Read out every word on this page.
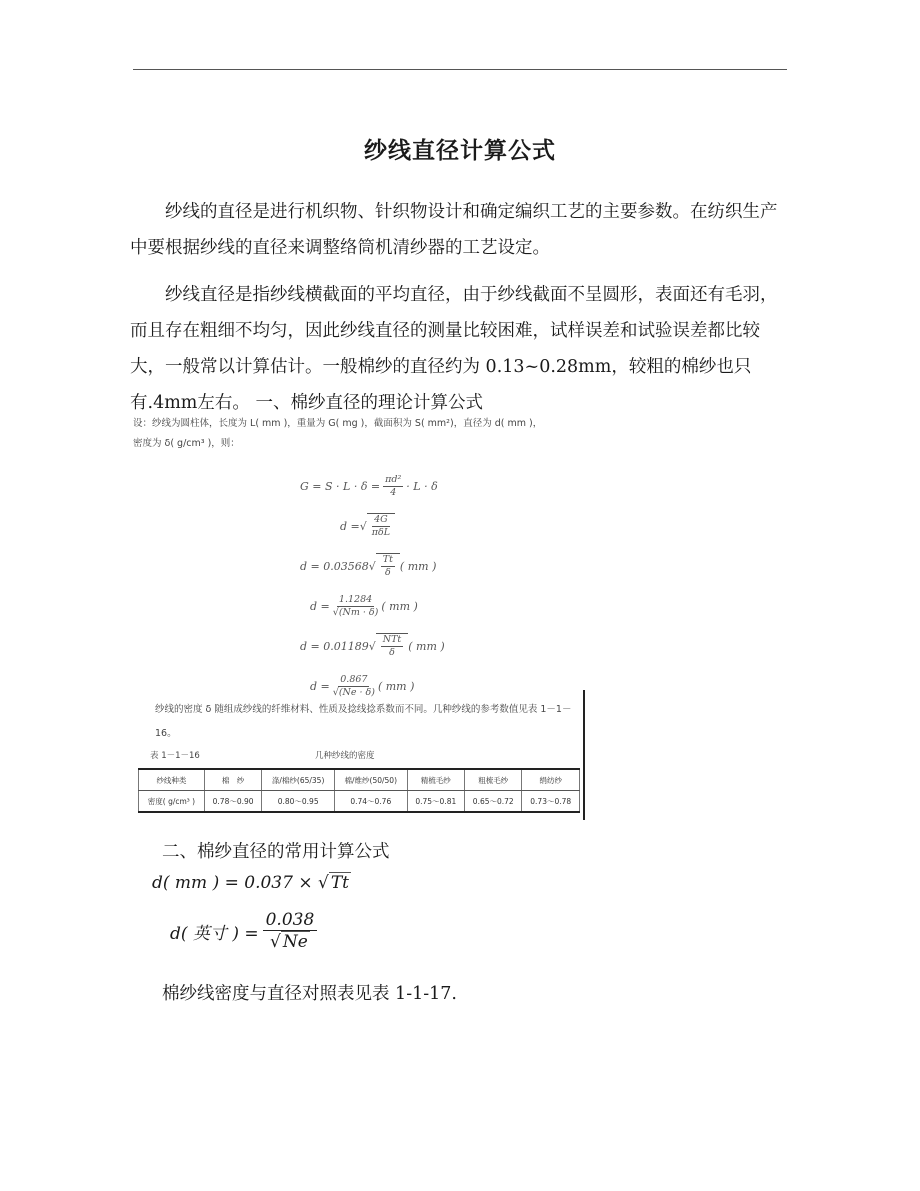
纱线直径计算公式

纱线的直径是进行机织物、针织物设计和确定编织工艺的主要参数。在纺织生产中要根据纱线的直径来调整络筒机清纱器的工艺设定。

纱线直径是指纱线横截面的平均直径，由于纱线截面不呈圆形，表面还有毛羽，而且存在粗细不均匀，因此纱线直径的测量比较困难，试样误差和试验误差都比较大，一般常以计算估计。一般棉纱的直径约为 0.13~0.28mm，较粗的棉纱也只有.4mm左右。 一、棉纱直径的理论计算公式

设：纱线为圆柱体，长度为 L( mm )，重量为 G( mg )，截面积为 S( mm²)，直径为 d( mm )，
密度为 δ( g/cm³ )，则：
$G = S \cdot L \cdot \delta = \frac{\text{πd²}}{4} \cdot L \cdot \delta$
d = √ $\frac{4G}{\text{πδL}}$
d = 0.03568 √ $\frac{Tt}{\delta}$ ( mm )
$d = \frac{1.1284}{√(Nm \cdot \delta)}$ ( mm )
d = 0.01189 √ $\frac{\text{NTt}}{\delta}$ ( mm )
$d = \frac{0.867}{√(Ne \cdot \delta)}$ ( mm )

纱线的密度 δ 随组成纱线的纤维材料、性质及捻线捻系数而不同。几种纱线的参考数值见表 1－1－16。

表 1－1－16	几种纱线的密度
纱线种类	棉　纱	涤/棉纱(65/35)	棉/维纱(50/50)	精梳毛纱	粗梳毛纱	绢纺纱
密度( g/cm³ )	0.78～0.90	0.80～0.95	0.74～0.76	0.75～0.81	0.65～0.72	0.73～0.78

二、棉纱直径的常用计算公式

d( mm ) = 0.037 × √ Tt
d( 英寸 ) = $\frac{0.038}{√ Ne}$

棉纱线密度与直径对照表见表 1-1-17.
